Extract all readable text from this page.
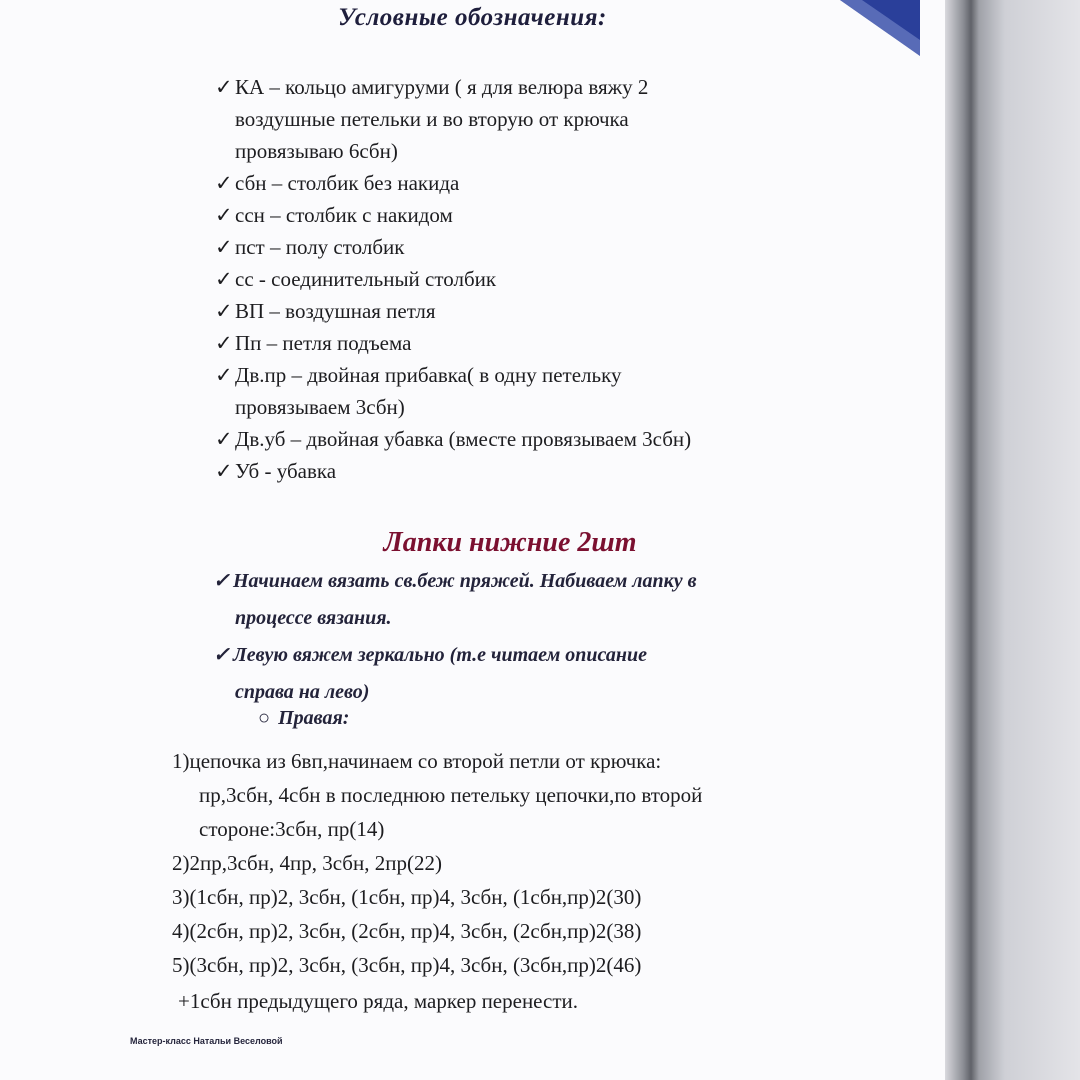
Условные обозначения:
✓ КА – кольцо амигуруми ( я для велюра вяжу 2
воздушные петельки и во вторую от крючка
провязываю 6сбн)
✓ сбн – столбик без накида
✓ ссн – столбик с накидом
✓ пст – полу столбик
✓ сс - соединительный столбик
✓ ВП – воздушная петля
✓ Пп – петля подъема
✓ Дв.пр – двойная прибавка( в одну петельку
провязываем 3сбн)
✓ Дв.уб – двойная убавка (вместе провязываем 3сбн)
✓ Уб - убавка
Лапки нижние 2шт
✓ Начинаем вязать св.беж пряжей. Набиваем лапку в
процессе вязания.
✓ Левую вяжем зеркально (т.е читаем описание
справа на лево)
○ Правая:
1)цепочка из 6вп,начинаем со второй петли от крючка:
пр,3сбн, 4сбн в последнюю петельку цепочки,по второй
стороне:3сбн, пр(14)
2)2пр,3сбн, 4пр, 3сбн, 2пр(22)
3)(1сбн, пр)2, 3сбн, (1сбн, пр)4, 3сбн, (1сбн,пр)2(30)
4)(2сбн, пр)2, 3сбн, (2сбн, пр)4, 3сбн, (2сбн,пр)2(38)
5)(3сбн, пр)2, 3сбн, (3сбн, пр)4, 3сбн, (3сбн,пр)2(46)
+1сбн предыдущего ряда, маркер перенести.
Мастер-класс Натальи Веселовой
